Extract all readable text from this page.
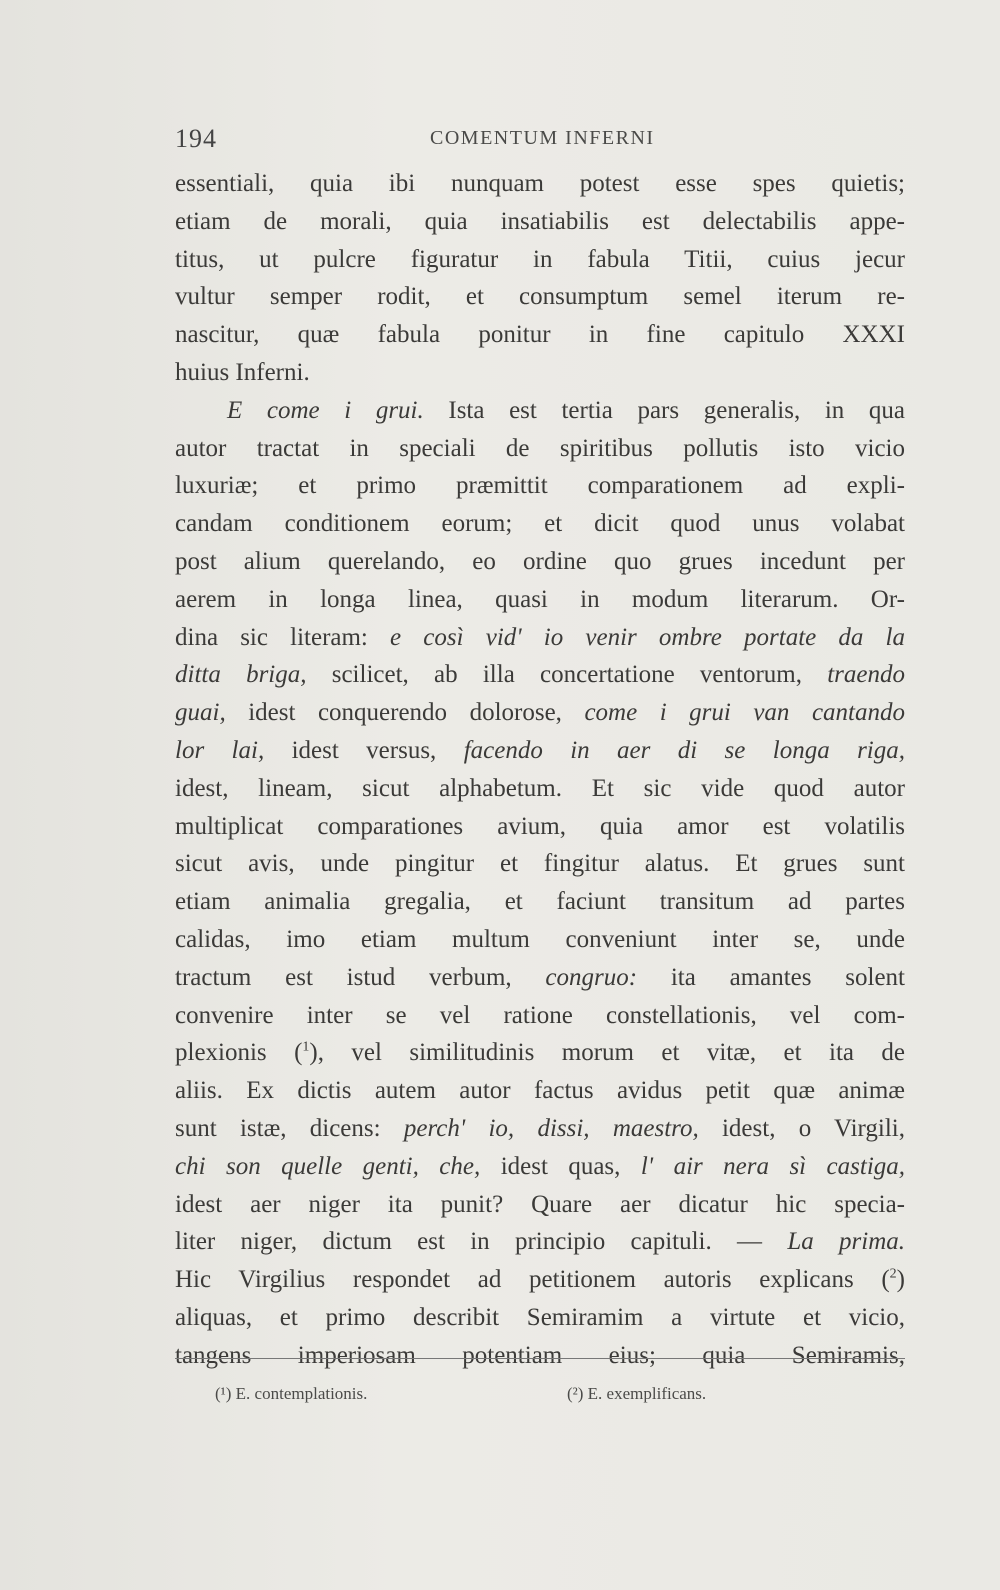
194	COMENTUM INFERNI
essentiali, quia ibi nunquam potest esse spes quietis;
etiam de morali, quia insatiabilis est delectabilis appe-
titus, ut pulcre figuratur in fabula Titii, cuius jecur
vultur semper rodit, et consumptum semel iterum re-
nascitur, quæ fabula ponitur in fine capitulo XXXI
huius Inferni.
E come i grui. Ista est tertia pars generalis, in qua
autor tractat in speciali de spiritibus pollutis isto vicio
luxuriæ; et primo præmittit comparationem ad expli-
candam conditionem eorum; et dicit quod unus volabat
post alium querelando, eo ordine quo grues incedunt per
aerem in longa linea, quasi in modum literarum. Or-
dina sic literam: e così vid' io venir ombre portate da la
ditta briga, scilicet, ab illa concertatione ventorum, traendo
guai, idest conquerendo dolorose, come i grui van cantando
lor lai, idest versus, facendo in aer di se longa riga,
idest, lineam, sicut alphabetum. Et sic vide quod autor
multiplicat comparationes avium, quia amor est volatilis
sicut avis, unde pingitur et fingitur alatus. Et grues sunt
etiam animalia gregalia, et faciunt transitum ad partes
calidas, imo etiam multum conveniunt inter se, unde
tractum est istud verbum, congruo: ita amantes solent
convenire inter se vel ratione constellationis, vel com-
plexionis ($^1$), vel similitudinis morum et vitæ, et ita de
aliis. Ex dictis autem autor factus avidus petit quæ animæ
sunt istæ, dicens: perch' io, dissi, maestro, idest, o Virgili,
chi son quelle genti, che, idest quas, l' air nera sì castiga,
idest aer niger ita punit? Quare aer dicatur hic specia-
liter niger, dictum est in principio capituli. — La prima.
Hic Virgilius respondet ad petitionem autoris explicans ($^2$)
aliquas, et primo describit Semiramim a virtute et vicio,
tangens imperiosam potentiam eius; quia Semiramis,
(¹) E. contemplationis.	(²) E. exemplificans.
